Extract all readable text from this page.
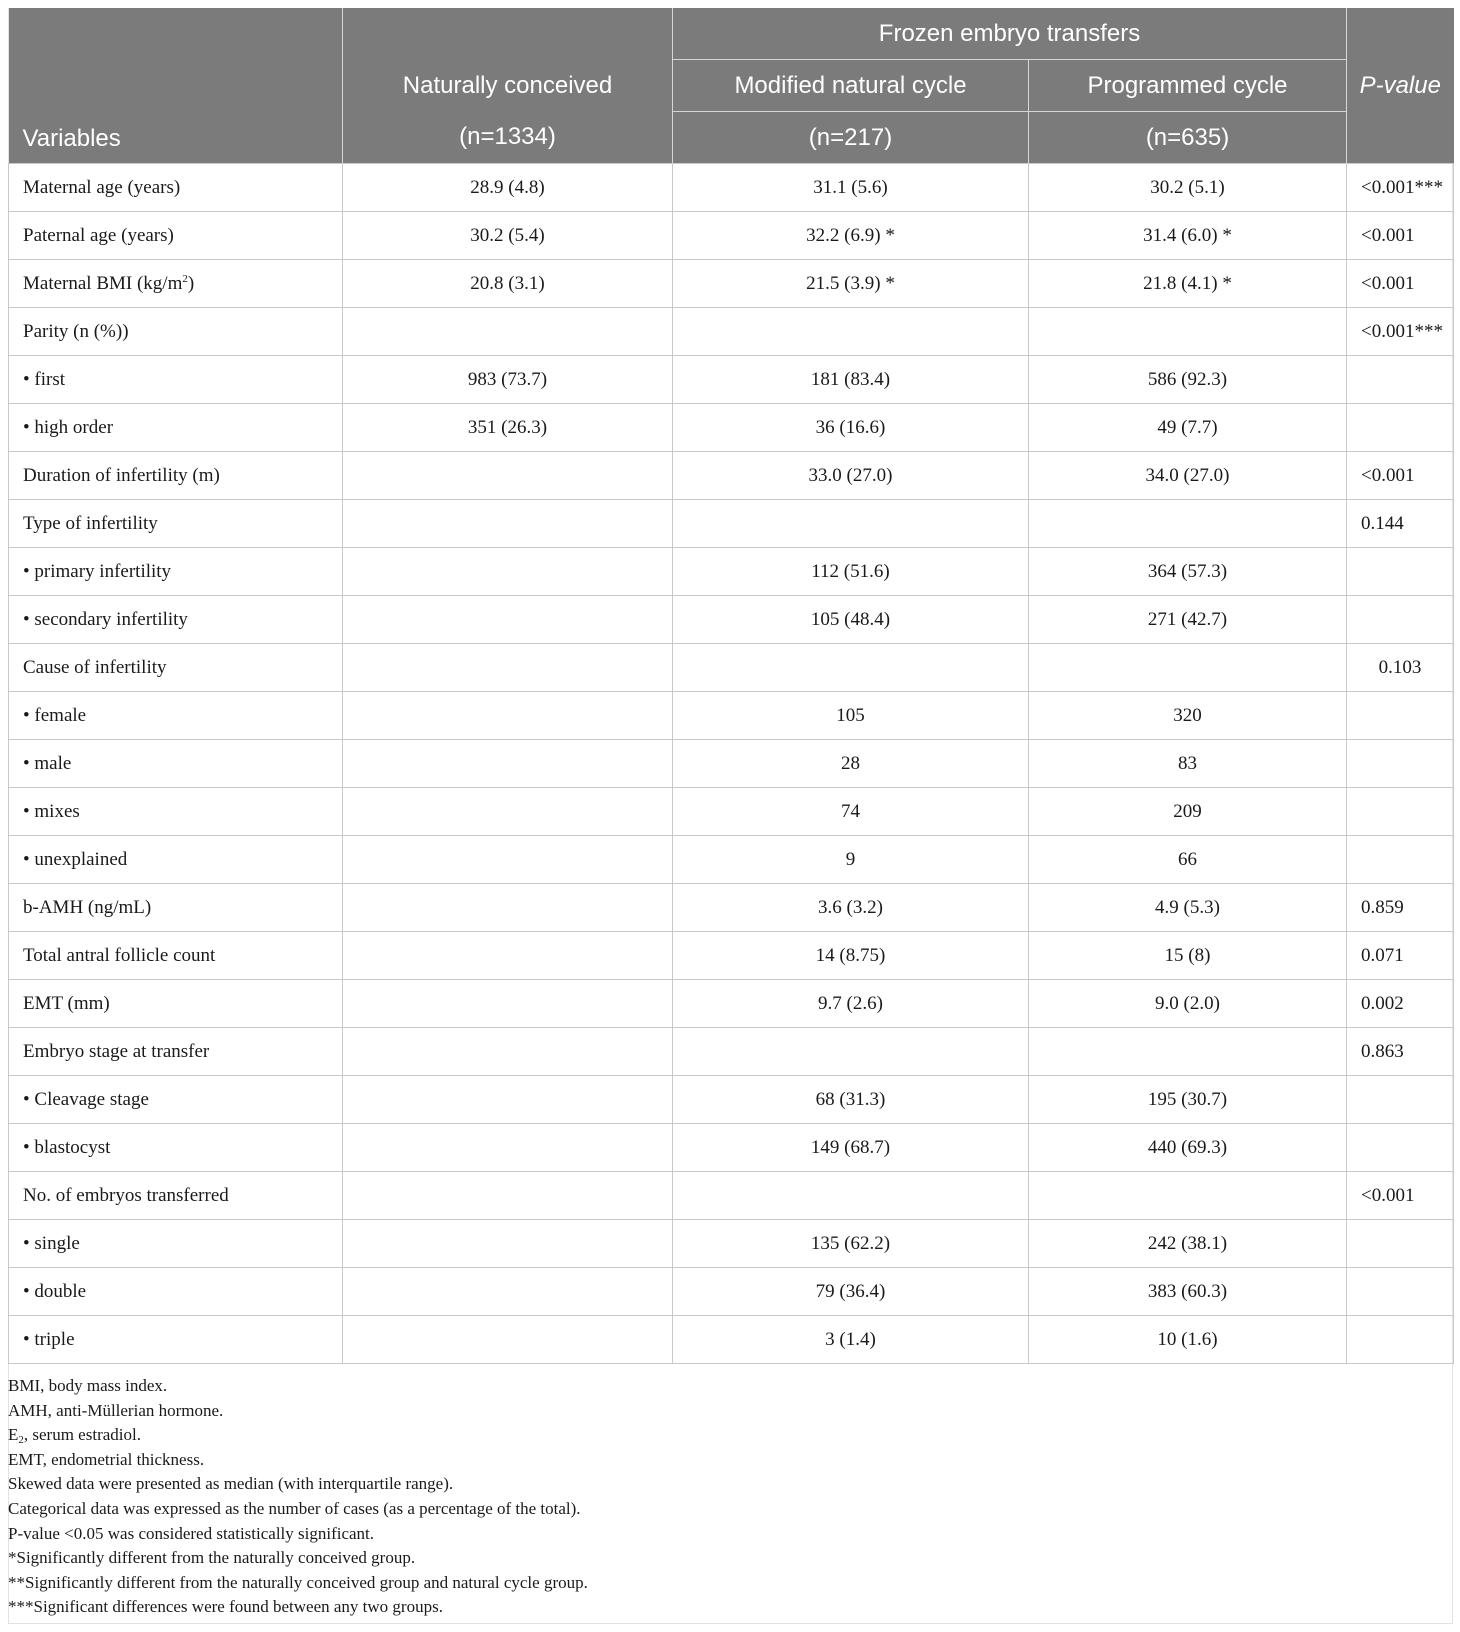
Variables		Frozen embryo transfers		
	Naturally conceived	Modified natural cycle	Programmed cycle	P-value
	(n=1334)	(n=217)	(n=635)	
Maternal age (years)	28.9 (4.8)	31.1 (5.6)	30.2 (5.1)	<0.001***
Paternal age (years)	30.2 (5.4)	32.2 (6.9) *	31.4 (6.0) *	<0.001
Maternal BMI $(kg/m^2)$	20.8 (3.1)	21.5 (3.9) *	21.8 (4.1) *	<0.001
Parity (n (%))				<0.001***
• first	983 (73.7)	181 (83.4)	586 (92.3)	
• high order	351 (26.3)	36 (16.6)	49 (7.7)	
Duration of infertility (m)		33.0 (27.0)	34.0 (27.0)	<0.001
Type of infertility				0.144
• primary infertility		112 (51.6)	364 (57.3)	
• secondary infertility		105 (48.4)	271 (42.7)	
Cause of infertility				0.103
• female		105	320	
• male		28	83	
• mixes		74	209	
• unexplained		9	66	
b-AMH (ng/mL)		3.6 (3.2)	4.9 (5.3)	0.859
Total antral follicle count		14 (8.75)	15 (8)	0.071
EMT (mm)		9.7 (2.6)	9.0 (2.0)	0.002
Embryo stage at transfer				0.863
• Cleavage stage		68 (31.3)	195 (30.7)	
• blastocyst		149 (68.7)	440 (69.3)	
No. of embryos transferred				<0.001
• single		135 (62.2)	242 (38.1)	
• double		79 (36.4)	383 (60.3)	
• triple		3 (1.4)	10 (1.6)	
BMI, body mass index.
AMH, anti-Müllerian hormone.
$E_2$, serum estradiol.
EMT, endometrial thickness.
Skewed data were presented as median (with interquartile range).
Categorical data was expressed as the number of cases (as a percentage of the total).
P-value <0.05 was considered statistically significant.
*Significantly different from the naturally conceived group.
**Significantly different from the naturally conceived group and natural cycle group.
***Significant differences were found between any two groups.
